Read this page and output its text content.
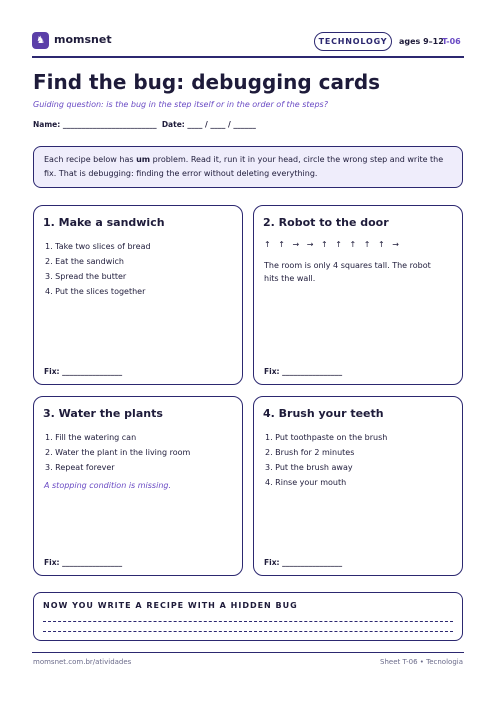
♞ momsnet	TECHNOLOGY	ages 9–12
T-06
Find the bug: debugging cards
Guiding question: is the bug in the step itself or in the order of the steps?
Name: _________________________  Date: ____ / ____ / ______
Each recipe below has um problem. Read it, run it in your head, circle the wrong step and write the fix. That is debugging: finding the error without deleting everything.
1. Make a sandwich
1. Take two slices of bread
2. Eat the sandwich
3. Spread the butter
4. Put the slices together
Fix: ________________
2. Robot to the door
↑ ↑ → → ↑ ↑ ↑ ↑ ↑ →
The room is only 4 squares tall. The robot hits the wall.
Fix: ________________
3. Water the plants
1. Fill the watering can
2. Water the plant in the living room
3. Repeat forever
A stopping condition is missing.
Fix: ________________
4. Brush your teeth
1. Put toothpaste on the brush
2. Brush for 2 minutes
3. Put the brush away
4. Rinse your mouth
Fix: ________________
NOW YOU WRITE A RECIPE WITH A HIDDEN BUG
momsnet.com.br/atividades	Sheet T-06 • Tecnologia
